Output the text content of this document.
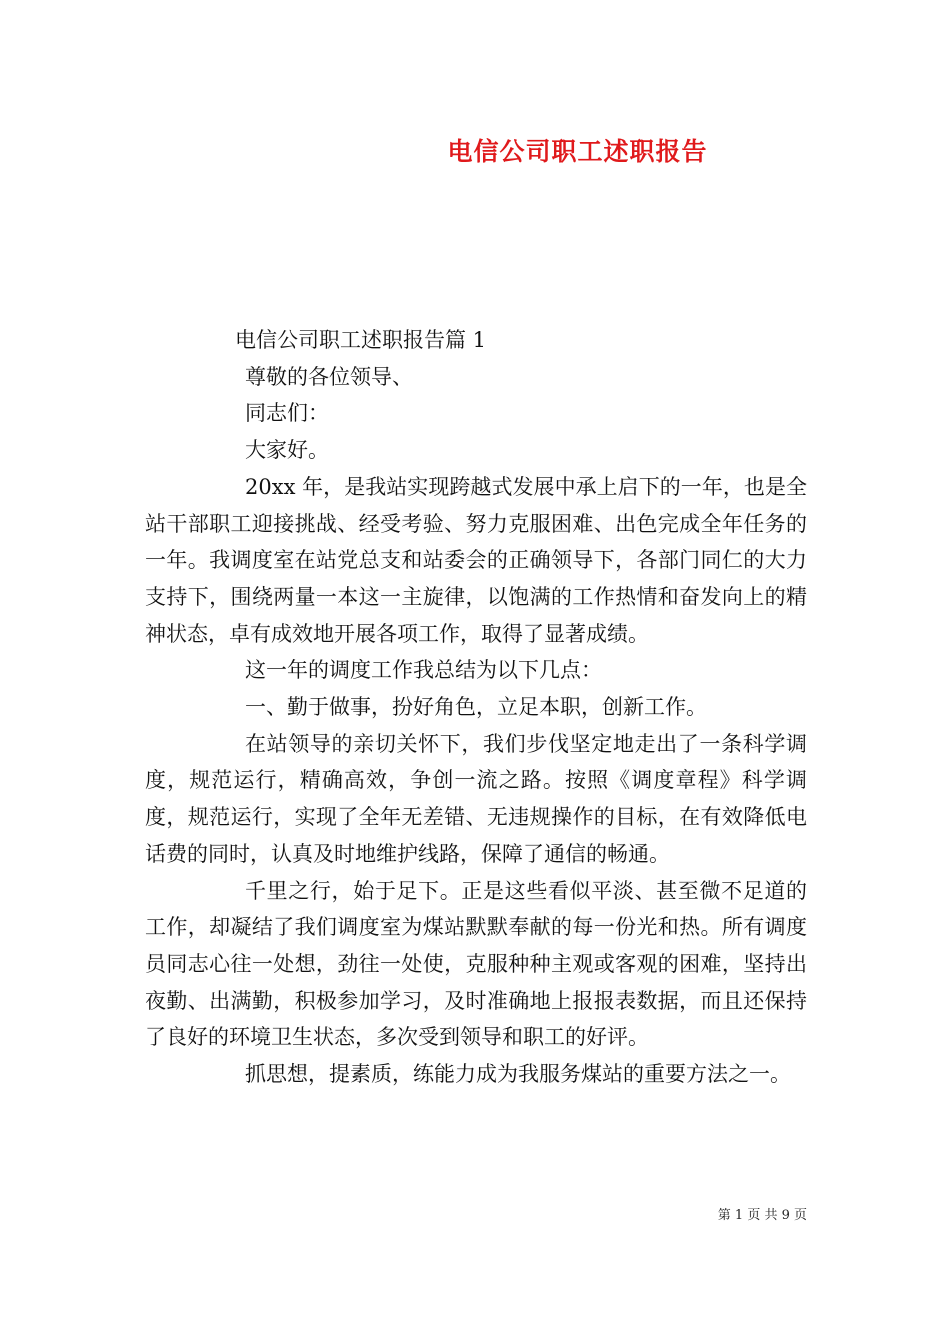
电信公司职工述职报告

电信公司职工述职报告篇 1

尊敬的各位领导、

同志们：

大家好。

20xx 年，是我站实现跨越式发展中承上启下的一年，也是全站干部职工迎接挑战、经受考验、努力克服困难、出色完成全年任务的一年。我调度室在站党总支和站委会的正确领导下，各部门同仁的大力支持下，围绕两量一本这一主旋律，以饱满的工作热情和奋发向上的精神状态，卓有成效地开展各项工作，取得了显著成绩。

这一年的调度工作我总结为以下几点：

一、勤于做事，扮好角色，立足本职，创新工作。

在站领导的亲切关怀下，我们步伐坚定地走出了一条科学调度，规范运行，精确高效，争创一流之路。按照《调度章程》科学调度，规范运行，实现了全年无差错、无违规操作的目标，在有效降低电话费的同时，认真及时地维护线路，保障了通信的畅通。

千里之行，始于足下。正是这些看似平淡、甚至微不足道的工作，却凝结了我们调度室为煤站默默奉献的每一份光和热。所有调度员同志心往一处想，劲往一处使，克服种种主观或客观的困难，坚持出夜勤、出满勤，积极参加学习，及时准确地上报报表数据，而且还保持了良好的环境卫生状态，多次受到领导和职工的好评。

抓思想，提素质，练能力成为我服务煤站的重要方法之一。

第 1 页 共 9 页
